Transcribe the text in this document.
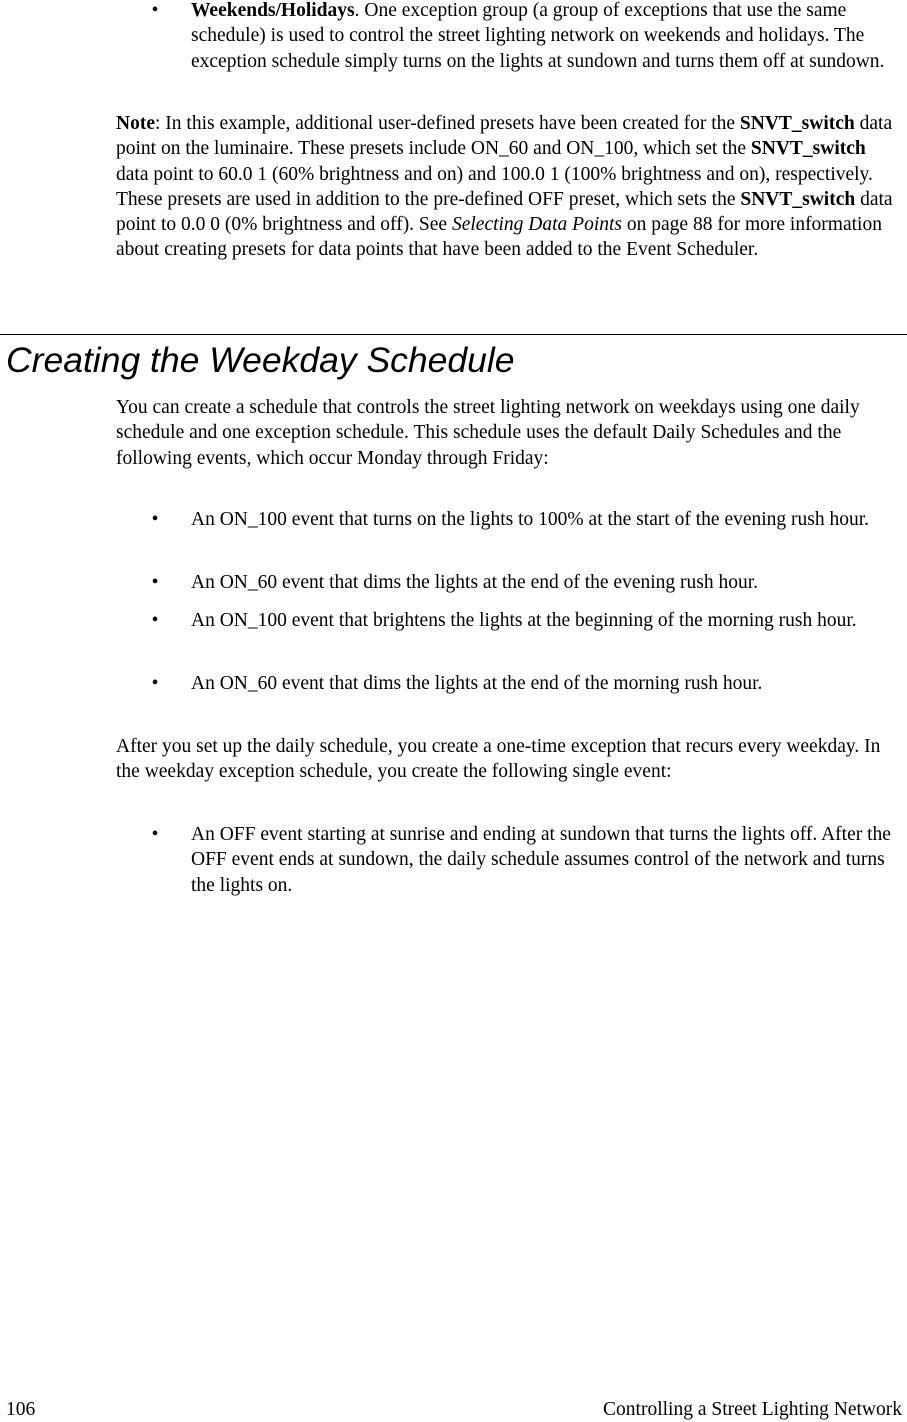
• Weekends/Holidays. One exception group (a group of exceptions that use the same schedule) is used to control the street lighting network on weekends and holidays. The exception schedule simply turns on the lights at sundown and turns them off at sundown.

Note: In this example, additional user-defined presets have been created for the SNVT_switch data point on the luminaire. These presets include ON_60 and ON_100, which set the SNVT_switch data point to 60.0 1 (60% brightness and on) and 100.0 1 (100% brightness and on), respectively. These presets are used in addition to the pre-defined OFF preset, which sets the SNVT_switch data point to 0.0 0 (0% brightness and off). See Selecting Data Points on page 88 for more information about creating presets for data points that have been added to the Event Scheduler.

Creating the Weekday Schedule

You can create a schedule that controls the street lighting network on weekdays using one daily schedule and one exception schedule. This schedule uses the default Daily Schedules and the following events, which occur Monday through Friday:

• An ON_100 event that turns on the lights to 100% at the start of the evening rush hour.

• An ON_60 event that dims the lights at the end of the evening rush hour.

• An ON_100 event that brightens the lights at the beginning of the morning rush hour.

• An ON_60 event that dims the lights at the end of the morning rush hour.

After you set up the daily schedule, you create a one-time exception that recurs every weekday. In the weekday exception schedule, you create the following single event:

• An OFF event starting at sunrise and ending at sundown that turns the lights off. After the OFF event ends at sundown, the daily schedule assumes control of the network and turns the lights on.

106	Controlling a Street Lighting Network
